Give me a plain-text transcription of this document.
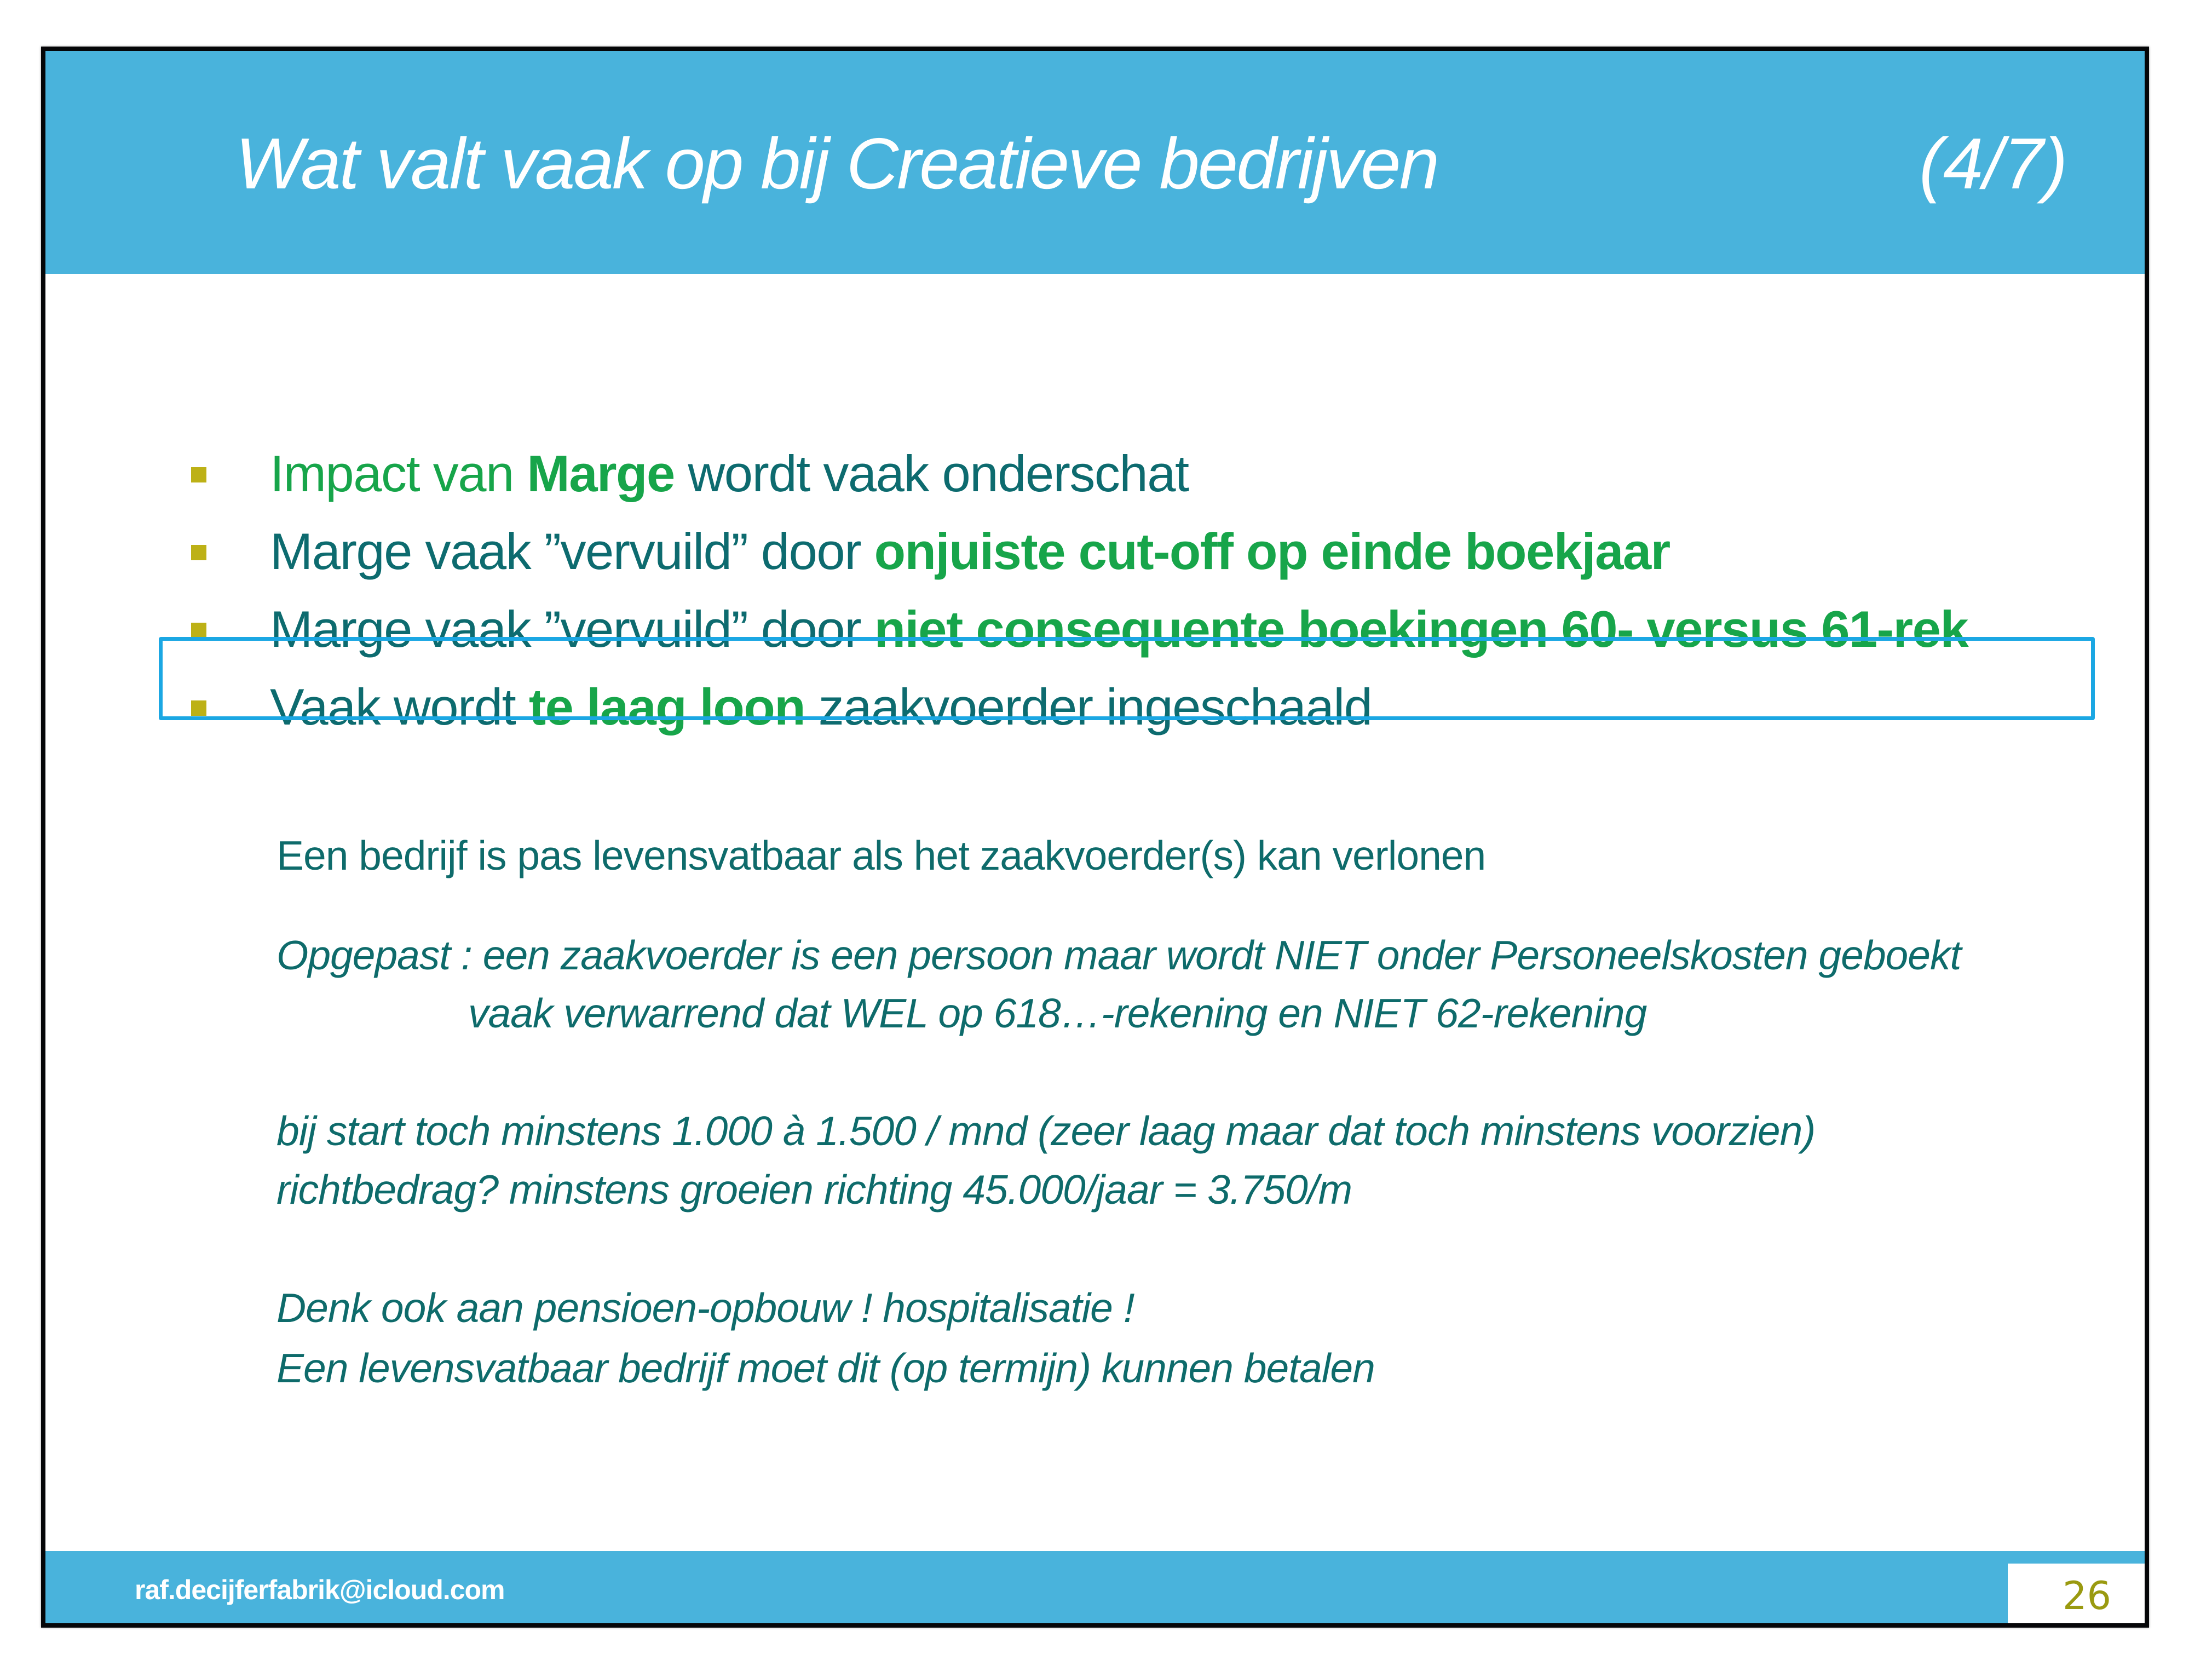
Wat valt vaak op bij Creatieve bedrijven	(4/7)
Impact van Marge wordt vaak onderschat
Marge vaak ”vervuild” door onjuiste cut-off op einde boekjaar
Marge vaak ”vervuild” door niet consequente boekingen 60- versus 61-rek
Vaak wordt te laag loon zaakvoerder ingeschaald
Een bedrijf is pas levensvatbaar als het zaakvoerder(s) kan verlonen
Opgepast : een zaakvoerder is een persoon maar wordt NIET onder Personeelskosten geboekt
vaak verwarrend dat WEL op 618…-rekening en NIET 62-rekening
bij start toch minstens 1.000 à 1.500 / mnd (zeer laag maar dat toch minstens voorzien)
richtbedrag? minstens groeien richting 45.000/jaar = 3.750/m
Denk ook aan pensioen-opbouw ! hospitalisatie !
Een levensvatbaar bedrijf moet dit (op termijn) kunnen betalen
raf.decijferfabrik@icloud.com	26
